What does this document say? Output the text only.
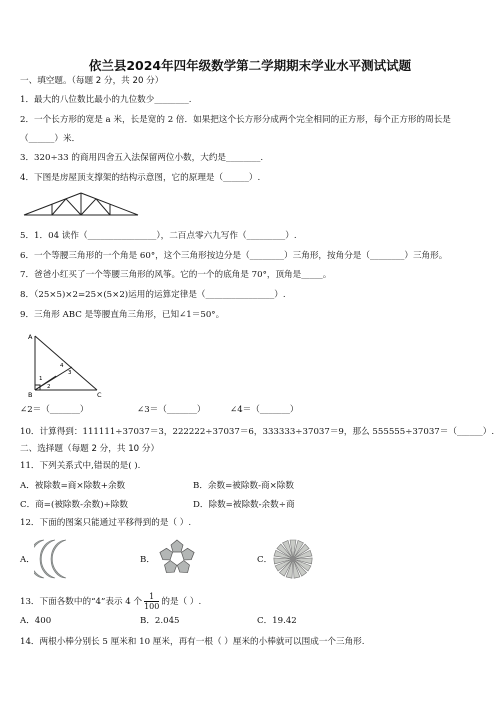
依兰县2024年四年级数学第二学期期末学业水平测试试题
一、填空题。（每题 2 分，共 20 分）
1．最大的八位数比最小的九位数少________.
2．一个长方形的宽是 a 米，长是宽的 2 倍．如果把这个长方形分成两个完全相同的正方形，每个正方形的周长是
（______）米．
3．320÷33 的商用四舍五入法保留两位小数，大约是________.
4．下图是房屋顶支撑架的结构示意图，它的原理是（______）.
5．1．04 读作（________________），二百点零六九写作（_________）.
6．一个等腰三角形的一个角是 60°，这个三角形按边分是（________）三角形，按角分是（________）三角形。
7．爸爸小红买了一个等腰三角形的风筝。它的一个的底角是 70°，顶角是_____。
8．（25×5)×2=25×(5×2)运用的运算定律是（________________）.
9．三角形 ABC 是等腰直角三角形，已知∠1＝50°。
A
B	C
1
2
3
4
∠2＝（_______）	∠3＝（_______）	∠4＝（_______）
10．计算得到：111111÷37037＝3，222222÷37037＝6，333333÷37037＝9，那么 555555÷37037＝（______）.
二、选择题（每题 2 分，共 10 分）
11．下列关系式中,错误的是( ).
A．被除数=商×除数+余数	B．余数=被除数-商×除数
C．商=(被除数-余数)÷除数	D．除数=被除数-余数÷商
12．下面的图案只能通过平移得到的是（ ）.
A．	B．	C．
13．下面各数中的“4”表示 4 个 $\frac{1}{100}$ 的是（ ）.
A．400	B．2.045	C．19.42
14．两根小棒分别长 5 厘米和 10 厘米，再有一根（ ）厘米的小棒就可以围成一个三角形.
